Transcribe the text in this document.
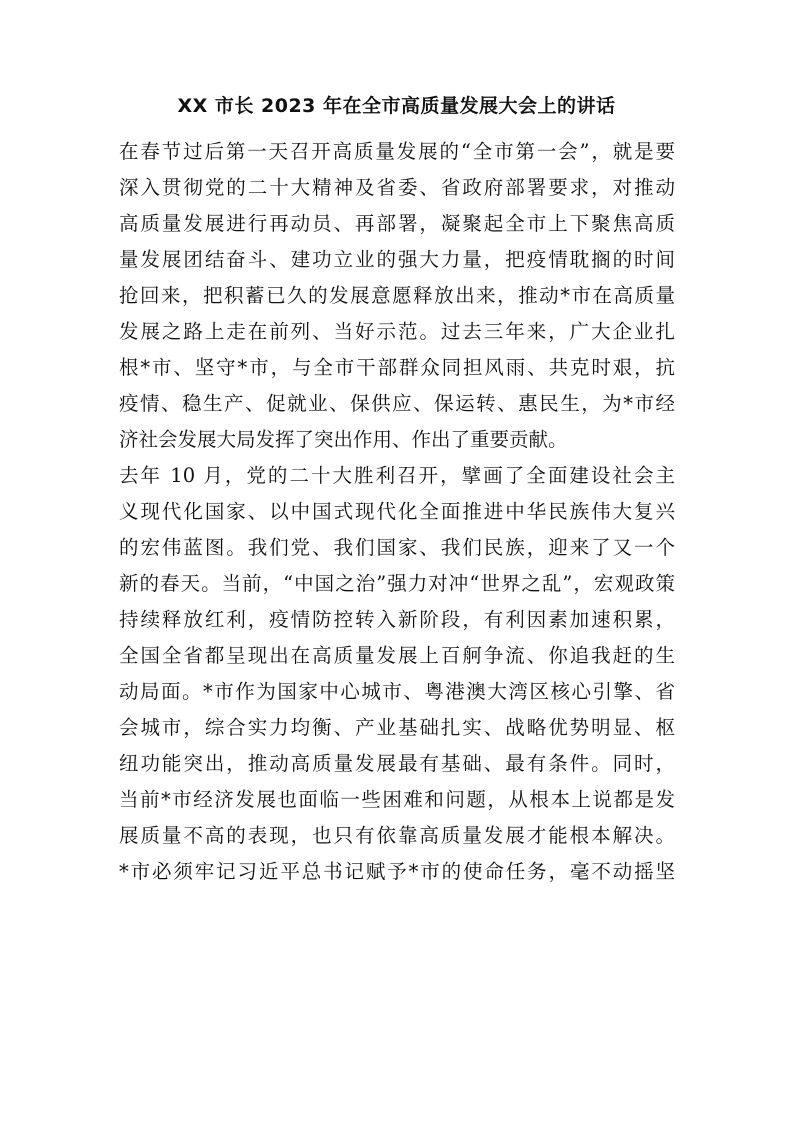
XX 市长 2023 年在全市高质量发展大会上的讲话
在春节过后第一天召开高质量发展的“全市第一会”，就是要
深入贯彻党的二十大精神及省委、省政府部署要求，对推动
高质量发展进行再动员、再部署，凝聚起全市上下聚焦高质
量发展团结奋斗、建功立业的强大力量，把疫情耽搁的时间
抢回来，把积蓄已久的发展意愿释放出来，推动*市在高质量
发展之路上走在前列、当好示范。过去三年来，广大企业扎
根*市、坚守*市，与全市干部群众同担风雨、共克时艰，抗
疫情、稳生产、促就业、保供应、保运转、惠民生，为*市经
济社会发展大局发挥了突出作用、作出了重要贡献。
去年 10 月，党的二十大胜利召开，擘画了全面建设社会主
义现代化国家、以中国式现代化全面推进中华民族伟大复兴
的宏伟蓝图。我们党、我们国家、我们民族，迎来了又一个
新的春天。当前，“中国之治”强力对冲“世界之乱”，宏观政策
持续释放红利，疫情防控转入新阶段，有利因素加速积累，
全国全省都呈现出在高质量发展上百舸争流、你追我赶的生
动局面。*市作为国家中心城市、粤港澳大湾区核心引擎、省
会城市，综合实力均衡、产业基础扎实、战略优势明显、枢
纽功能突出，推动高质量发展最有基础、最有条件。同时，
当前*市经济发展也面临一些困难和问题，从根本上说都是发
展质量不高的表现，也只有依靠高质量发展才能根本解决。
*市必须牢记习近平总书记赋予*市的使命任务，毫不动摇坚
